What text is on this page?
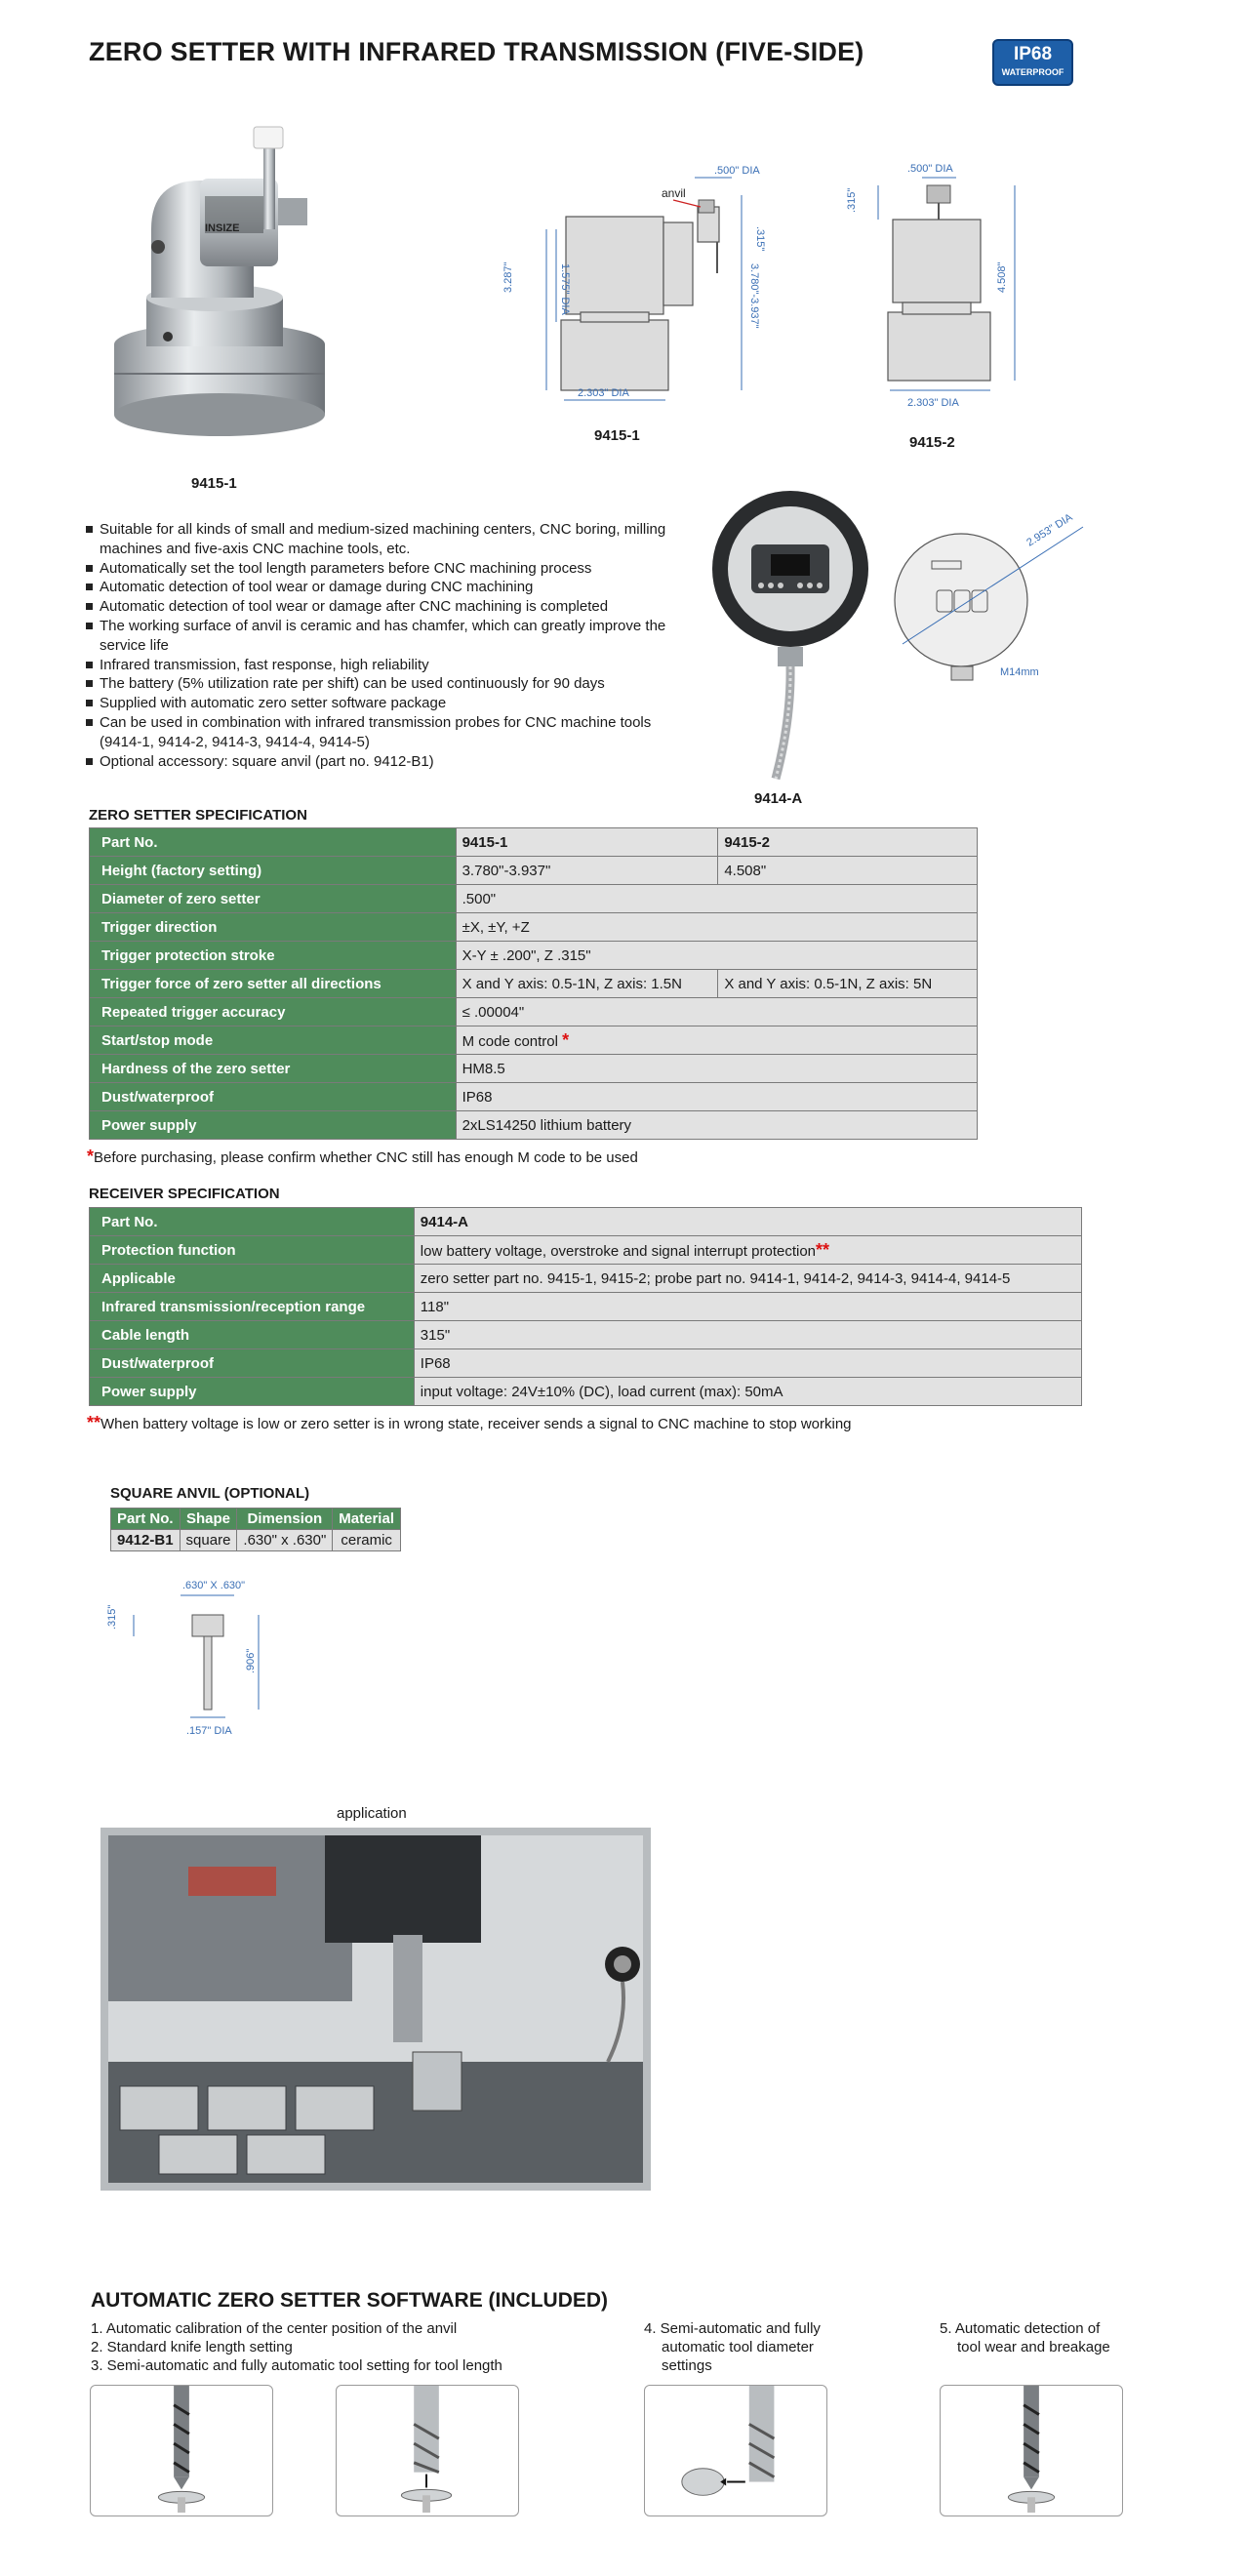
ZERO SETTER WITH INFRARED TRANSMISSION (FIVE-SIDE)	IP68
WATERPROOF
INSIZE
9415-1
.500" DIA
anvil
.315"
1.575" DIA
3.287"	3.780"-3.937"
2.303" DIA
9415-1
.500" DIA
.315"
4.508"
2.303" DIA
9415-2
9414-A
2.953" DIA
M14mm
Suitable for all kinds of small and medium-sized machining centers, CNC boring, milling machines and five-axis CNC machine tools, etc.
Automatically set the tool length parameters before CNC machining process
Automatic detection of tool wear or damage during CNC machining
Automatic detection of tool wear or damage after CNC machining is completed
The working surface of anvil is ceramic and has chamfer, which can greatly improve the service life
Infrared transmission, fast response, high reliability
The battery (5% utilization rate per shift) can be used continuously for 90 days
Supplied with automatic zero setter software package
Can be used in combination with infrared transmission probes for CNC machine tools (9414-1, 9414-2, 9414-3, 9414-4, 9414-5)
Optional accessory: square anvil (part no. 9412-B1)
ZERO SETTER SPECIFICATION
Part No.	9415-1	9415-2
Height (factory setting)	3.780"-3.937"	4.508"
Diameter of zero setter	.500"	
Trigger direction	±X, ±Y, +Z	
Trigger protection stroke	X-Y ± .200", Z .315"	
Trigger force of zero setter all directions	X and Y axis: 0.5-1N, Z axis: 1.5N	X and Y axis: 0.5-1N, Z axis: 5N
Repeated trigger accuracy	≤ .00004"	
Start/stop mode	M code control *	
Hardness of the zero setter	HM8.5	
Dust/waterproof	IP68	
Power supply	2xLS14250 lithium battery	
*Before purchasing, please confirm whether CNC still has enough M code to be used
RECEIVER SPECIFICATION
Part No.	9414-A
Protection function	low battery voltage, overstroke and signal interrupt protection**
Applicable	zero setter part no. 9415-1, 9415-2; probe part no. 9414-1, 9414-2, 9414-3, 9414-4, 9414-5
Infrared transmission/reception range	118"
Cable length	315"
Dust/waterproof	IP68
Power supply	input voltage: 24V±10% (DC), load current (max): 50mA
**When battery voltage is low or zero setter is in wrong state, receiver sends a signal to CNC machine to stop working
SQUARE ANVIL (OPTIONAL)
Part No.	Shape	Dimension	Material
9412-B1	square	.630" x .630"	ceramic
.630" X .630"
.315"
.906"
.157" DIA
application
AUTOMATIC ZERO SETTER SOFTWARE (INCLUDED)
1. Automatic calibration of the center position of the anvil
2. Standard knife length setting
3. Semi-automatic and fully automatic tool setting for tool length
4. Semi-automatic and fully
automatic tool diameter
settings
5. Automatic detection of
tool wear and breakage
